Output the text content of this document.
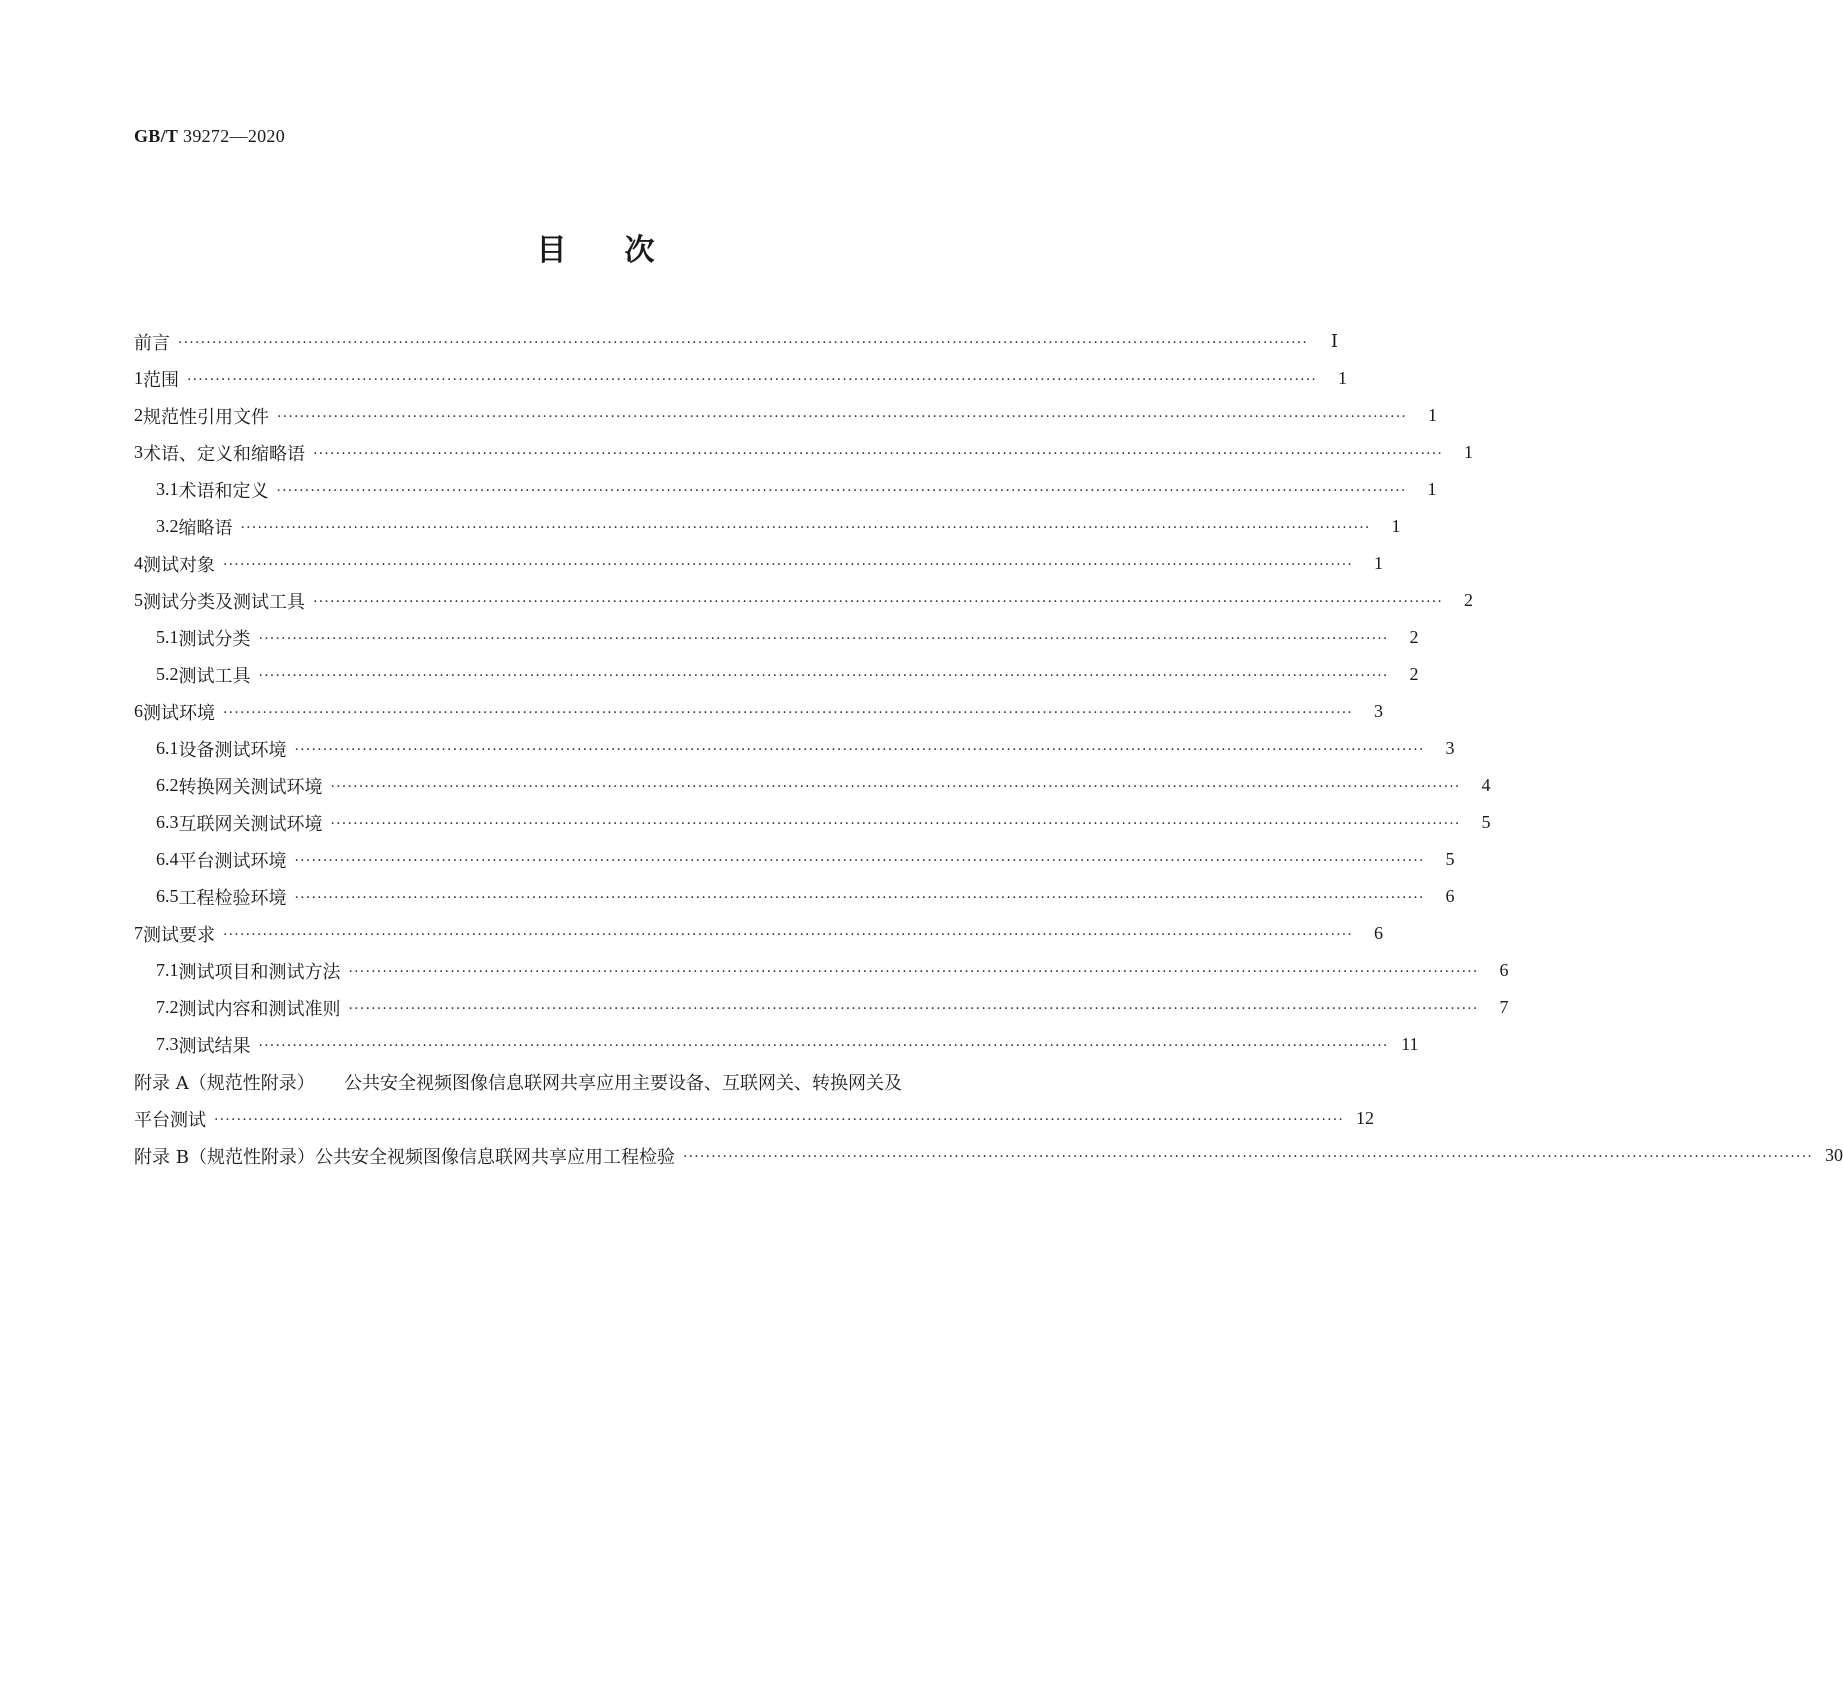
GB/T 39272—2020
目次
前言 ········································································································································································································	Ⅰ
1 范围 ········································································································································································································	1
2 规范性引用文件 ········································································································································································································	1
3 术语、定义和缩略语 ········································································································································································································	1
3.1 术语和定义 ········································································································································································································	1
3.2 缩略语 ········································································································································································································	1
4 测试对象 ········································································································································································································	1
5 测试分类及测试工具 ········································································································································································································	2
5.1 测试分类 ········································································································································································································	2
5.2 测试工具 ········································································································································································································	2
6 测试环境 ········································································································································································································	3
6.1 设备测试环境 ········································································································································································································	3
6.2 转换网关测试环境 ········································································································································································································	4
6.3 互联网关测试环境 ········································································································································································································	5
6.4 平台测试环境 ········································································································································································································	5
6.5 工程检验环境 ········································································································································································································	6
7 测试要求 ········································································································································································································	6
7.1 测试项目和测试方法 ········································································································································································································	6
7.2 测试内容和测试准则 ········································································································································································································	7
7.3 测试结果 ········································································································································································································ 11
附录 A（规范性附录）	公共安全视频图像信息联网共享应用主要设备、互联网关、转换网关及
平台测试 ········································································································································································································ 12
附录 B（规范性附录） 公共安全视频图像信息联网共享应用工程检验 ········································································································································································································ 30
